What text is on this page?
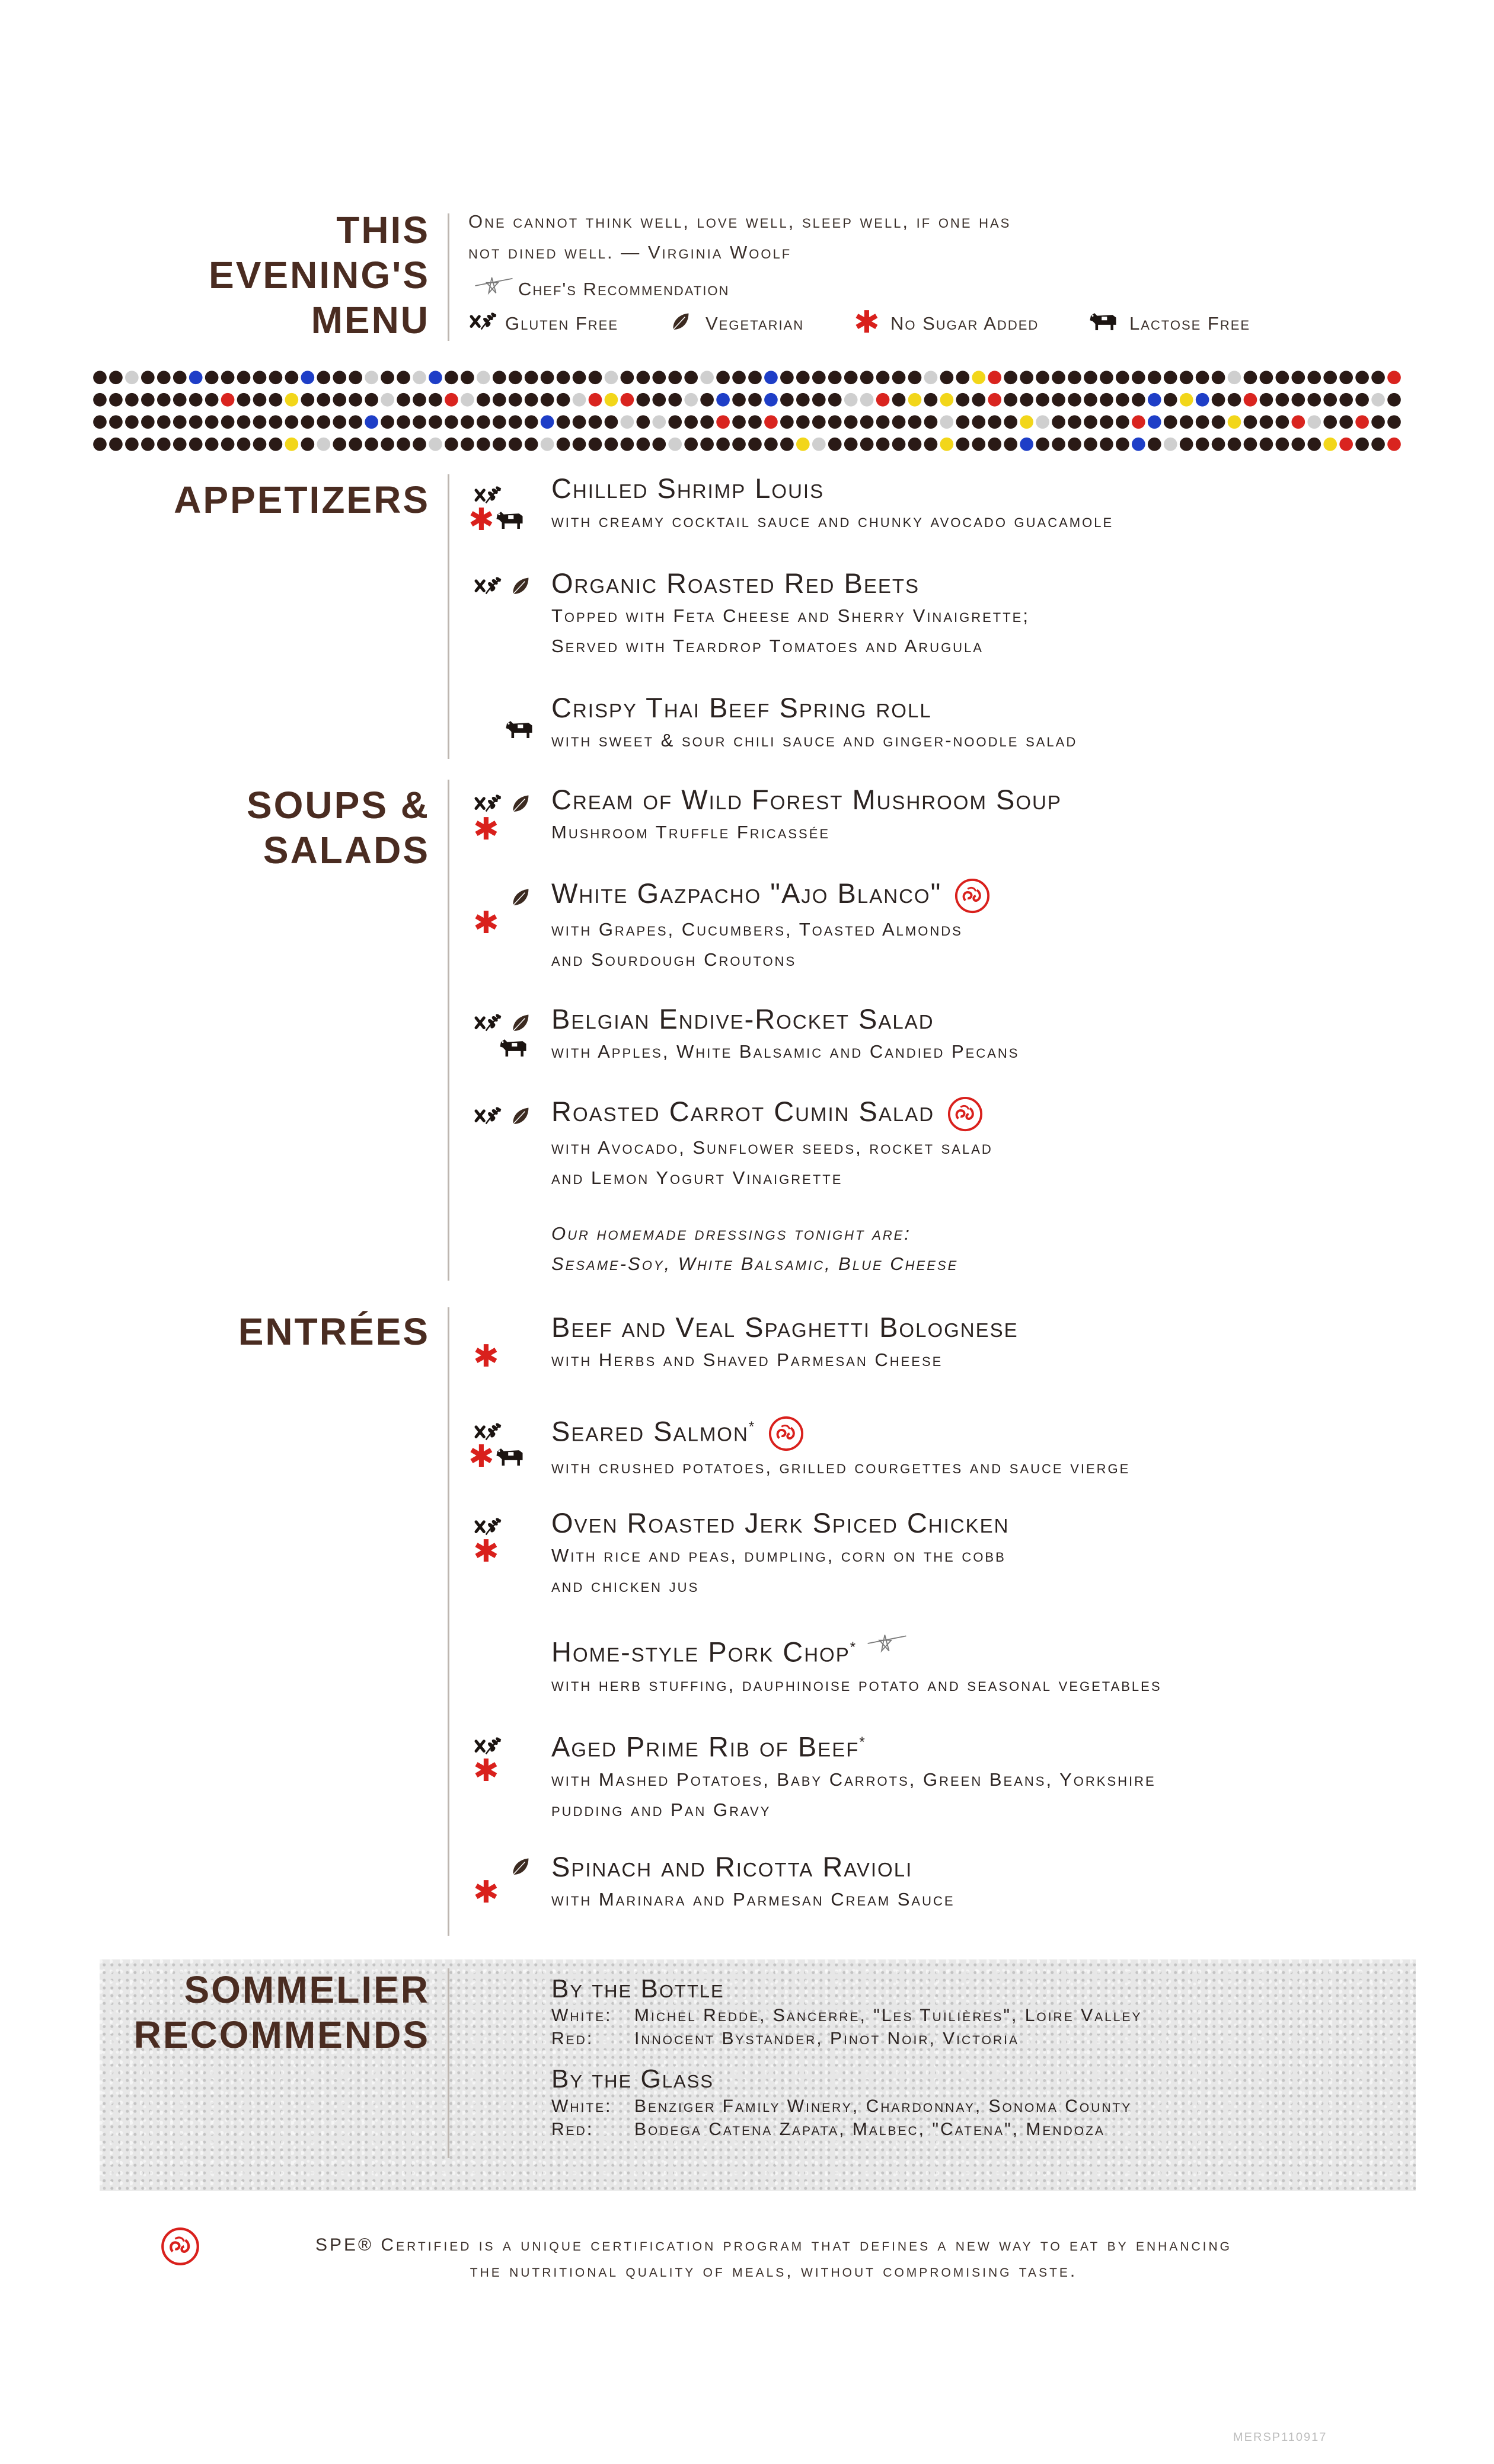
THIS
EVENING'S
MENU
One cannot think well, love well, sleep well, if one has
not dined well. — Virginia Woolf
Chef's Recommendation
Gluten Free	Vegetarian ✱ No Sugar Added	Lactose Free
APPETIZERS ✱
Chilled Shrimp Louis
with creamy cocktail sauce and chunky avocado guacamole
Organic Roasted Red Beets
Topped with Feta Cheese and Sherry Vinaigrette;
Served with Teardrop Tomatoes and Arugula
Crispy Thai Beef Spring roll
with sweet & sour chili sauce and ginger-noodle salad
SOUPS &
SALADS ✱
Cream of Wild Forest Mushroom Soup
Mushroom Truffle Fricassée
✱
White Gazpacho "Ajo Blanco"
with Grapes, Cucumbers, Toasted Almonds
and Sourdough Croutons
Belgian Endive-Rocket Salad
with Apples, White Balsamic and Candied Pecans
Roasted Carrot Cumin Salad
with Avocado, Sunflower seeds, rocket salad
and Lemon Yogurt Vinaigrette
Our homemade dressings tonight are:
Sesame-Soy, White Balsamic, Blue Cheese
ENTRÉES
✱
Beef and Veal Spaghetti Bolognese
with Herbs and Shaved Parmesan Cheese
✱
Seared Salmon*
with crushed potatoes, grilled courgettes and sauce vierge
✱
Oven Roasted Jerk Spiced Chicken
With rice and peas, dumpling, corn on the cobb
and chicken jus
Home-style Pork Chop*
with herb stuffing, dauphinoise potato and seasonal vegetables
✱
Aged Prime Rib of Beef*
with Mashed Potatoes, Baby Carrots, Green Beans, Yorkshire
pudding and Pan Gravy
✱
Spinach and Ricotta Ravioli
with Marinara and Parmesan Cream Sauce
SOMMELIER
RECOMMENDS
By the Bottle
White: Michel Redde, Sancerre, "Les Tuilières", Loire Valley
Red: Innocent Bystander, Pinot Noir, Victoria
By the Glass
White: Benziger Family Winery, Chardonnay, Sonoma County
Red: Bodega Catena Zapata, Malbec, "Catena", Mendoza
SPE® Certified is a unique certification program that defines a new way to eat by enhancing
the nutritional quality of meals, without compromising taste.
MERSP110917
